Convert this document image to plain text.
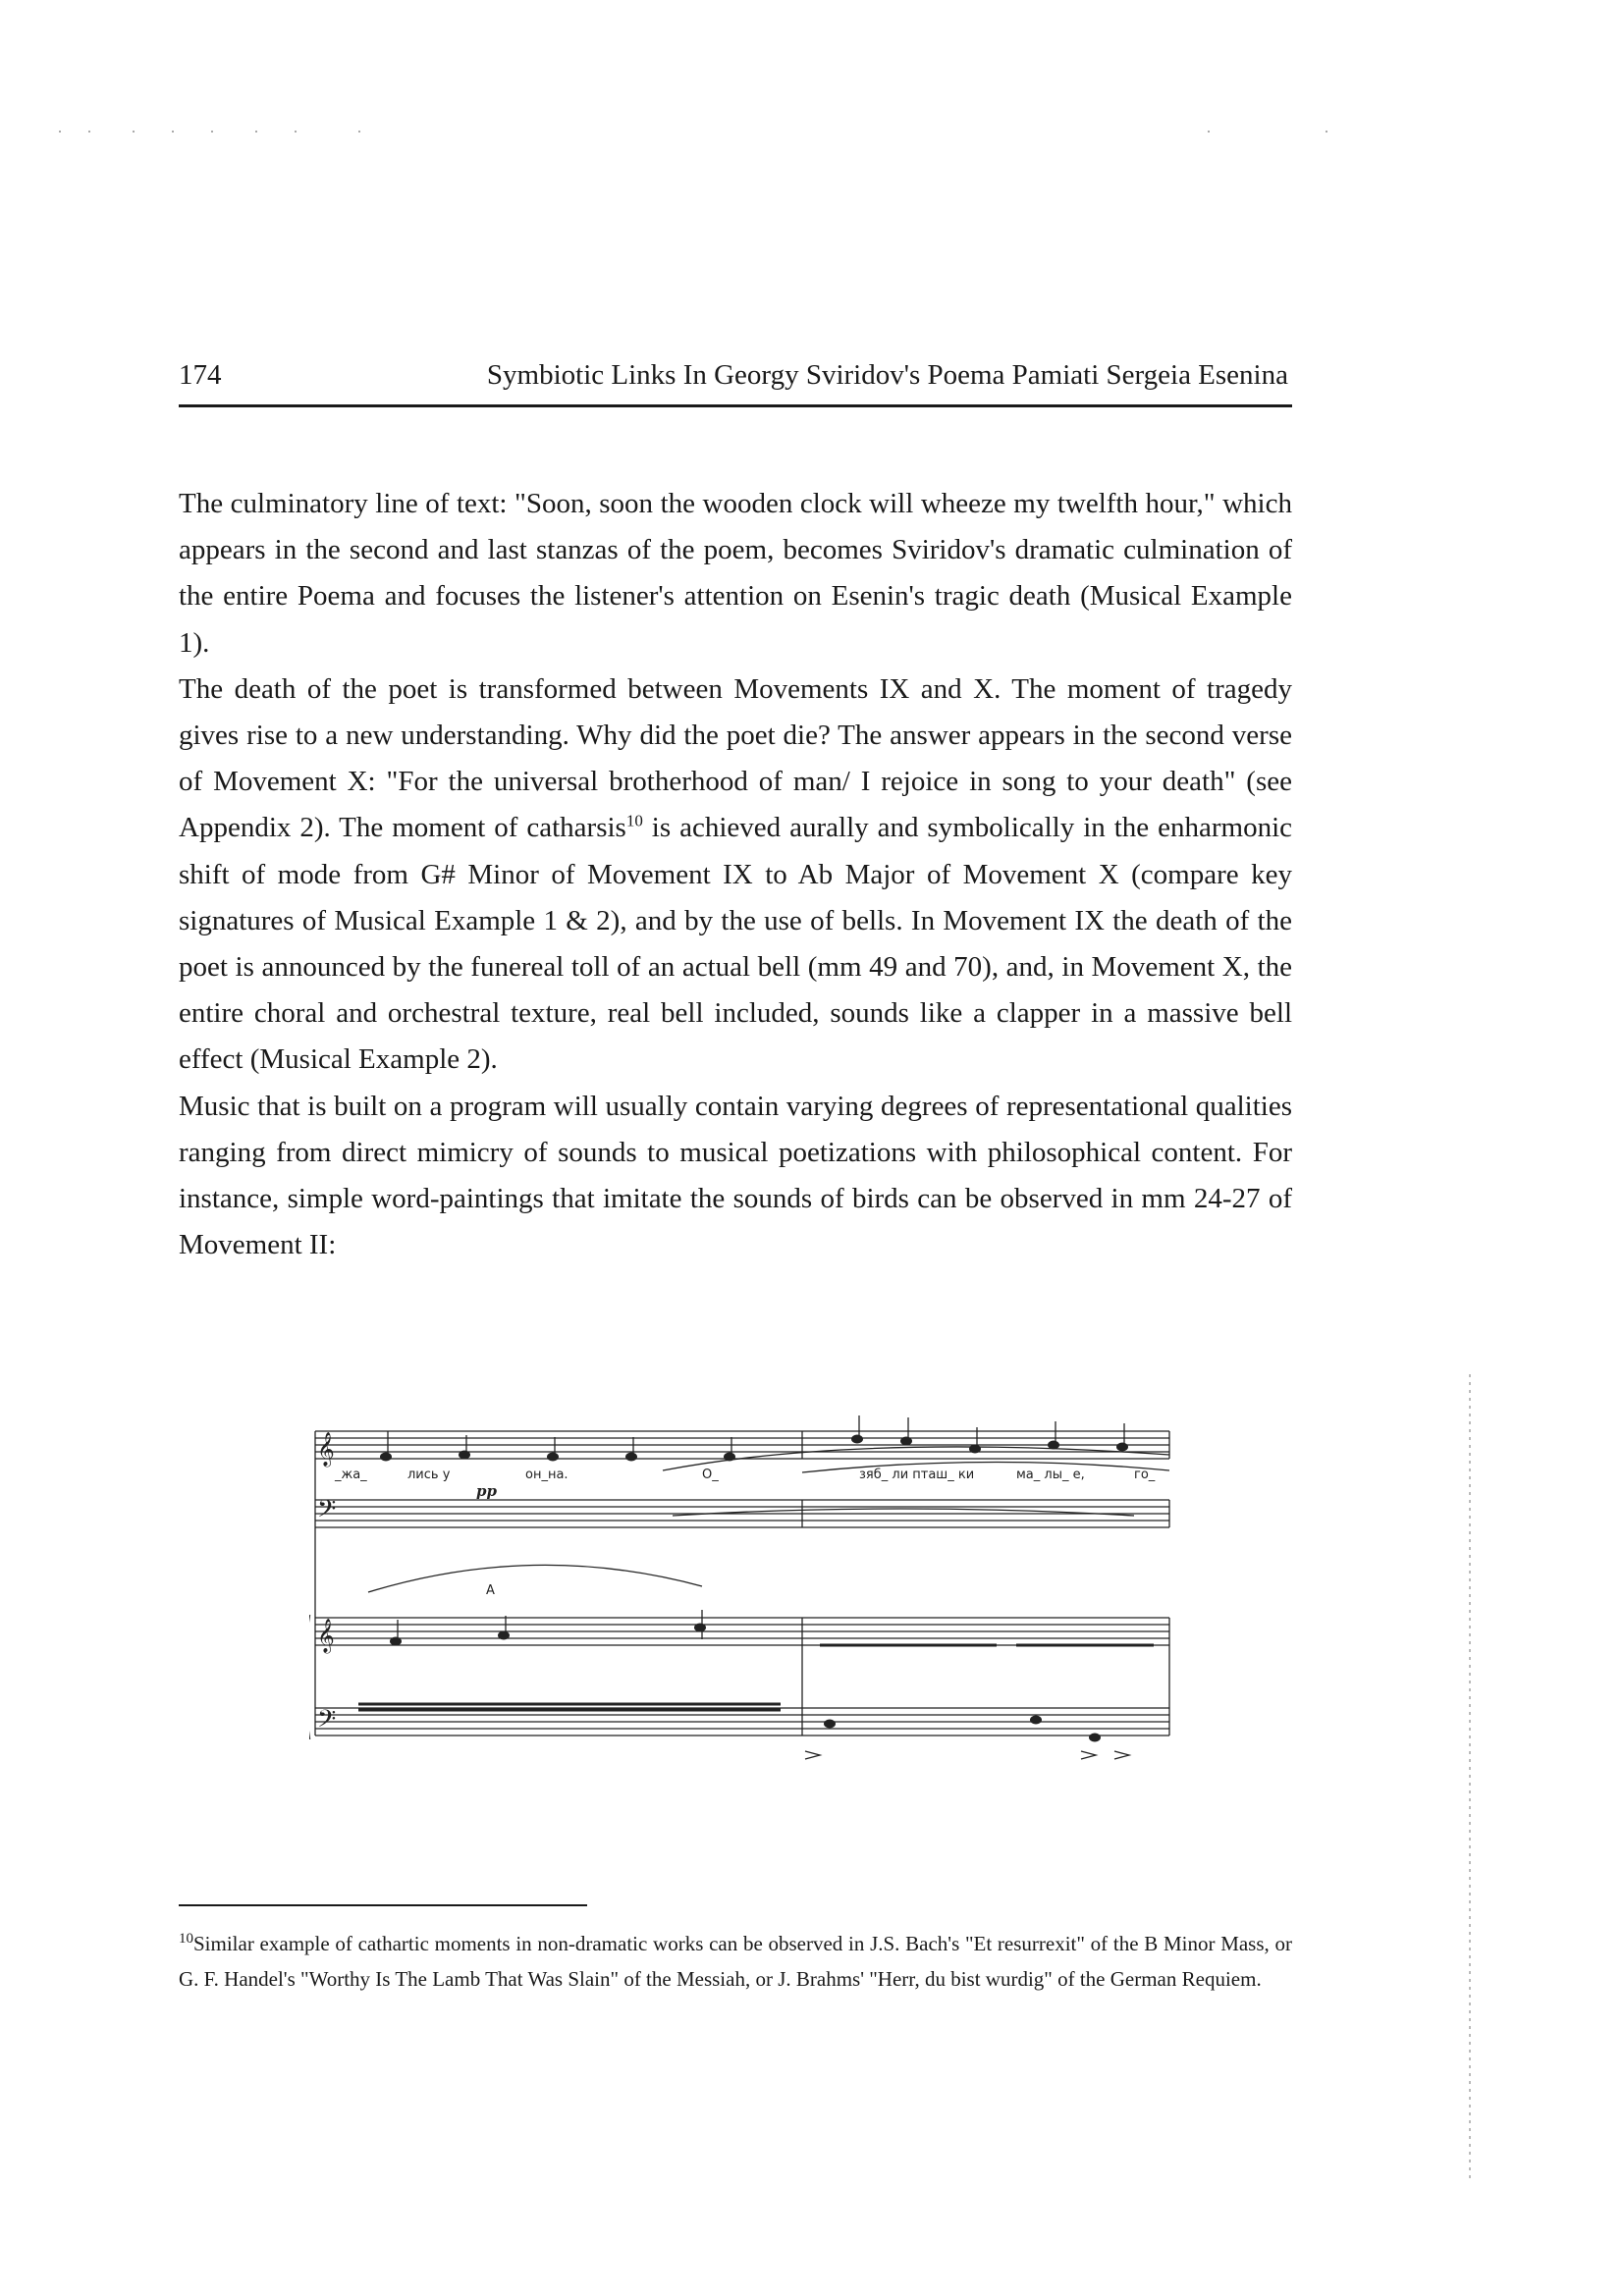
174	Symbiotic Links In Georgy Sviridov's Poema Pamiati Sergeia Esenina

The culminatory line of text: "Soon, soon the wooden clock will wheeze my twelfth hour," which appears in the second and last stanzas of the poem, becomes Sviridov's dramatic culmination of the entire Poema and focuses the listener's attention on Esenin's tragic death (Musical Example 1).

The death of the poet is transformed between Movements IX and X. The moment of tragedy gives rise to a new understanding. Why did the poet die? The answer appears in the second verse of Movement X: "For the universal brotherhood of man/ I rejoice in song to your death" (see Appendix 2). The moment of catharsis$^{10}$ is achieved aurally and symbolically in the enharmonic shift of mode from G# Minor of Movement IX to Ab Major of Movement X (compare key signatures of Musical Example 1 & 2), and by the use of bells. In Movement IX the death of the poet is announced by the funereal toll of an actual bell (mm 49 and 70), and, in Movement X, the entire choral and orchestral texture, real bell included, sounds like a clapper in a massive bell effect (Musical Example 2).

Music that is built on a program will usually contain varying degrees of representational qualities ranging from direct mimicry of sounds to musical poetizations with philosophical content. For instance, simple word-paintings that imitate the sounds of birds can be observed in mm 24-27 of Movement II:

𝄞
𝄢
𝄞
𝄢
_жа_	лись у	он_на.	О_	зяб_ ли пташ_ ки	ма_ лы_ е,	го_
A
pp
$^{10}$Similar example of cathartic moments in non-dramatic works can be observed in J.S. Bach's "Et resurrexit" of the B Minor Mass, or G. F. Handel's "Worthy Is The Lamb That Was Slain" of the Messiah, or J. Brahms' "Herr, du bist wurdig" of the German Requiem.
